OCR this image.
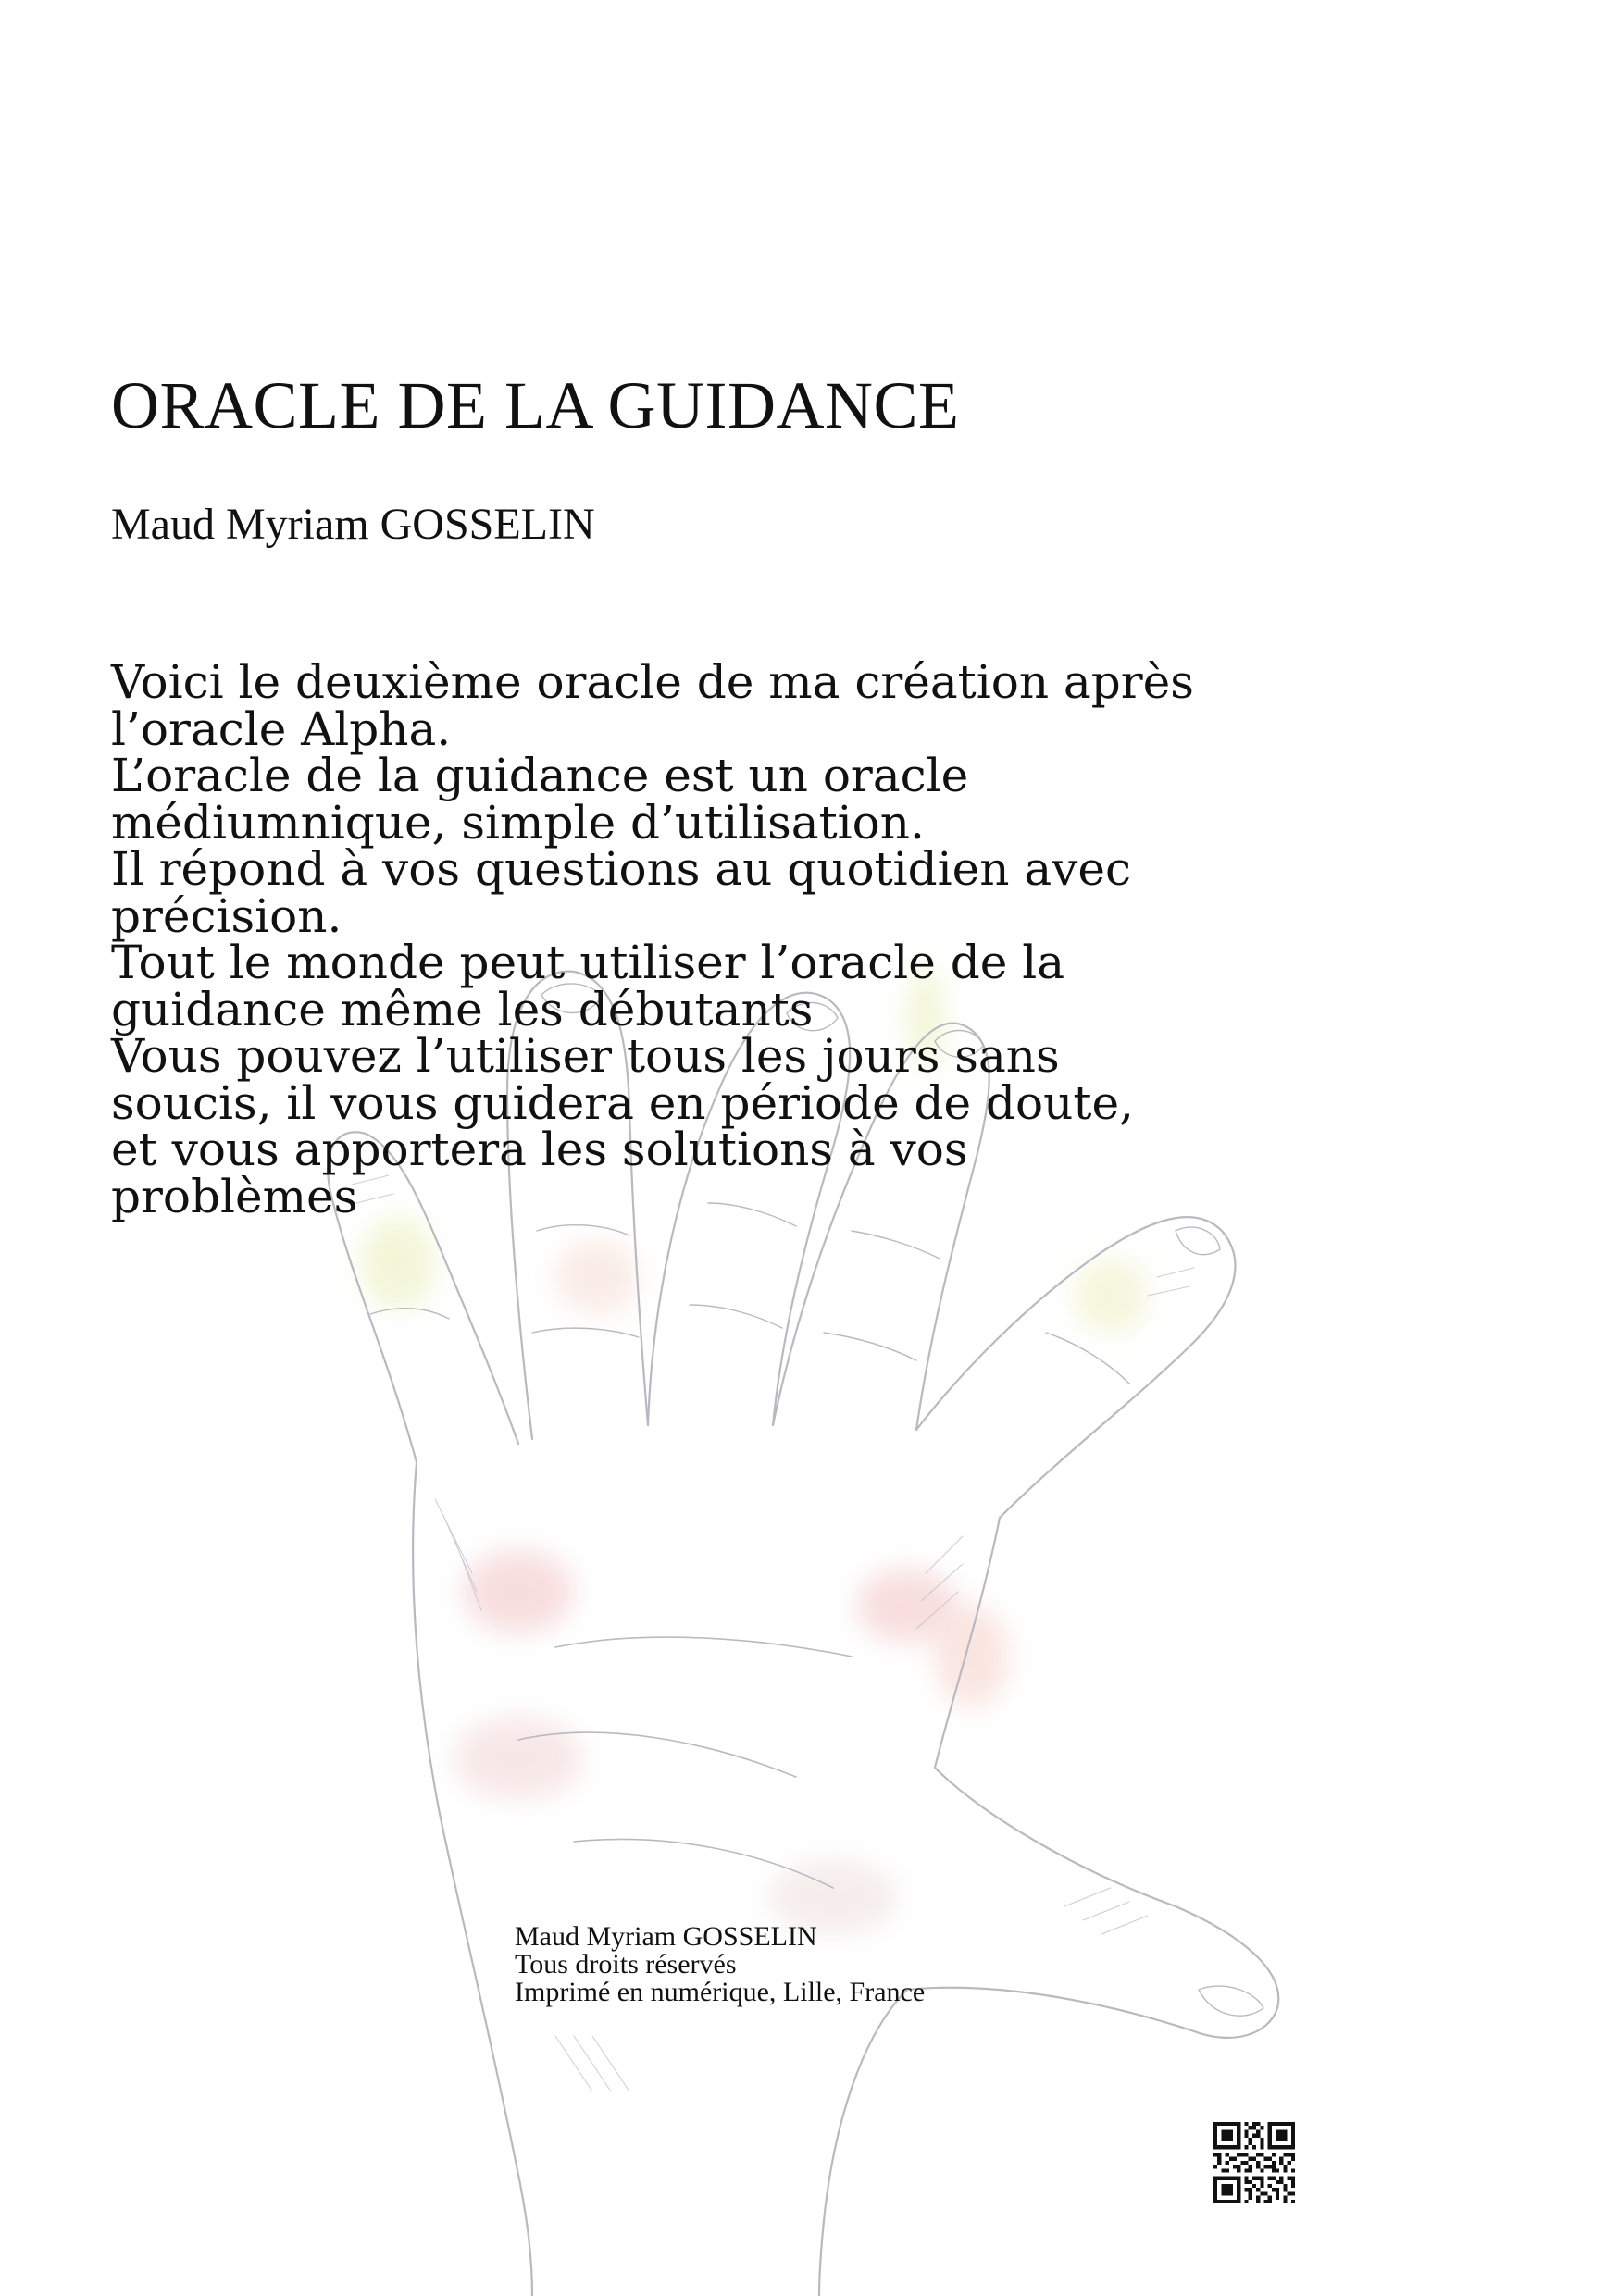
ORACLE DE LA GUIDANCE
Maud Myriam GOSSELIN

Voici le deuxième oracle de ma création après
l’oracle Alpha.
L’oracle de la guidance est un oracle
médiumnique, simple d’utilisation.
Il répond à vos questions au quotidien avec
précision.
Tout le monde peut utiliser l’oracle de la
guidance même les débutants
Vous pouvez l’utiliser tous les jours sans
soucis, il vous guidera en période de doute,
et vous apportera les solutions à vos
problèmes

Maud Myriam GOSSELIN
Tous droits réservés
Imprimé en numérique, Lille, France
